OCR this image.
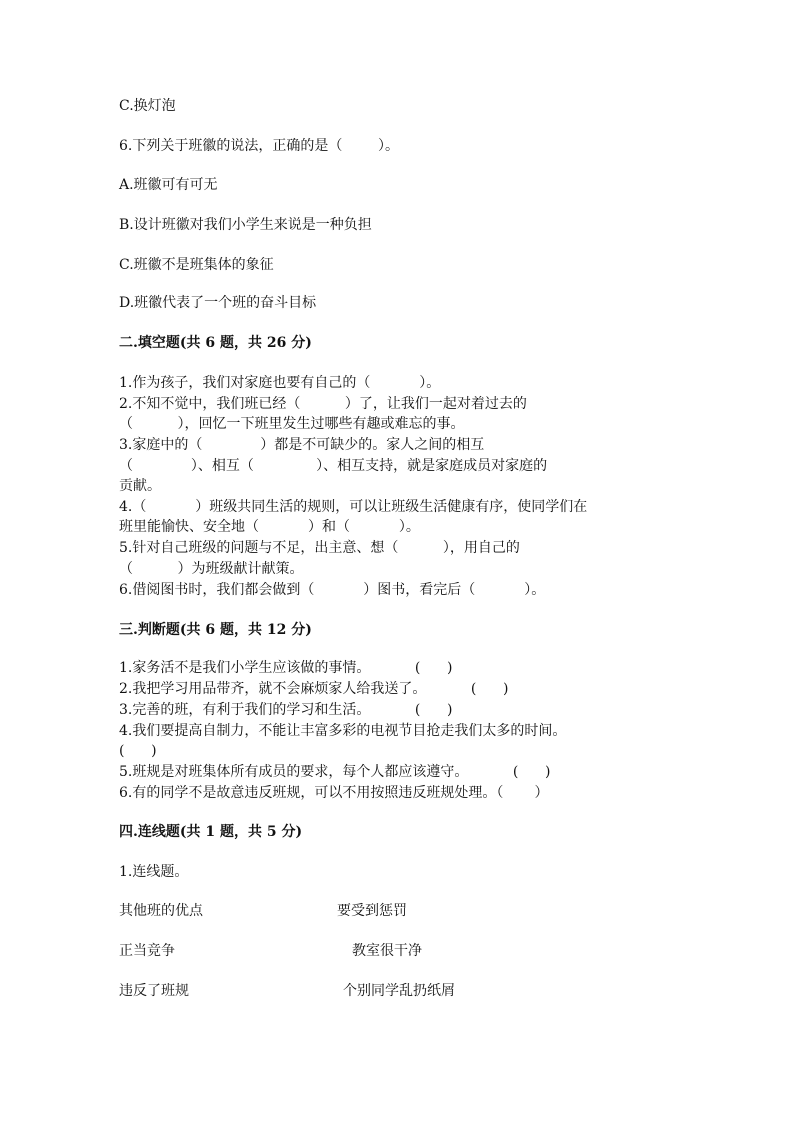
C.换灯泡
6.下列关于班徽的说法，正确的是（        ）。
A.班徽可有可无
B.设计班徽对我们小学生来说是一种负担
C.班徽不是班集体的象征
D.班徽代表了一个班的奋斗目标
二.填空题(共 6 题，共 26 分)
1.作为孩子，我们对家庭也要有自己的（           ）。
2.不知不觉中，我们班已经（          ）了，让我们一起对着过去的
（          ），回忆一下班里发生过哪些有趣或难忘的事。
3.家庭中的（             ）都是不可缺少的。家人之间的相互
（             ）、相互（              ）、相互支持，就是家庭成员对家庭的
贡献。
4.（           ）班级共同生活的规则，可以让班级生活健康有序，使同学们在
班里能愉快、安全地（           ）和（           ）。
5.针对自己班级的问题与不足，出主意、想（          ），用自己的
（          ）为班级献计献策。
6.借阅图书时，我们都会做到（           ）图书，看完后（           ）。
三.判断题(共 6 题，共 12 分)
1.家务活不是我们小学生应该做的事情。          (      )
2.我把学习用品带齐，就不会麻烦家人给我送了。          (      )
3.完善的班，有利于我们的学习和生活。          (      )
4.我们要提高自制力，不能让丰富多彩的电视节目抢走我们太多的时间。
(      )
5.班规是对班集体所有成员的要求，每个人都应该遵守。          (      )
6.有的同学不是故意违反班规，可以不用按照违反班规处理。（       ）
四.连线题(共 1 题，共 5 分)
1.连线题。
其他班的优点	要受到惩罚
正当竞争	教室很干净
违反了班规	个别同学乱扔纸屑
